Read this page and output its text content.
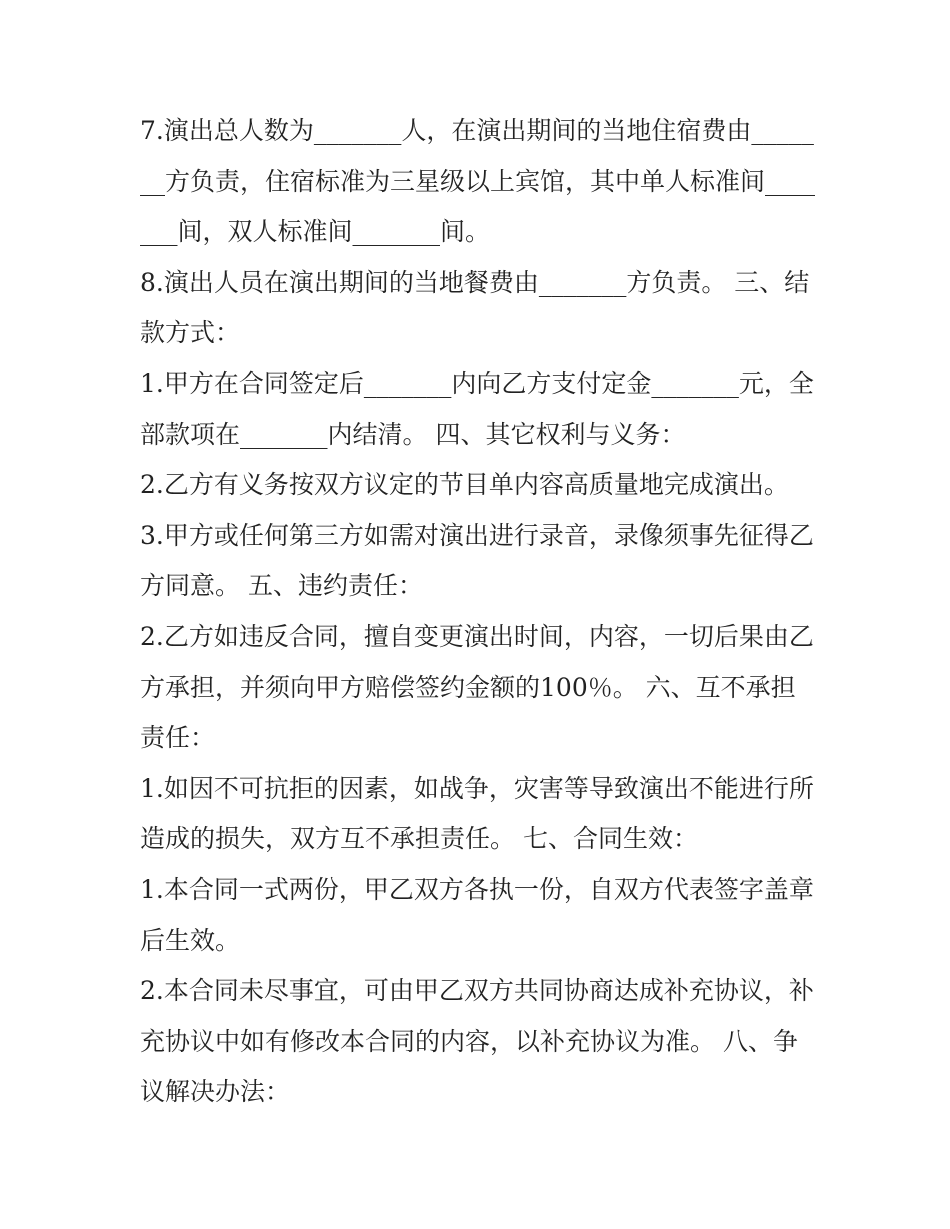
7.演出总人数为_______人，在演出期间的当地住宿费由_______方负责，住宿标准为三星级以上宾馆，其中单人标准间_______间，双人标准间_______间。

8.演出人员在演出期间的当地餐费由_______方负责。 三、结款方式：

1.甲方在合同签定后_______内向乙方支付定金_______元，全部款项在_______内结清。 四、其它权利与义务：

2.乙方有义务按双方议定的节目单内容高质量地完成演出。 3.甲方或任何第三方如需对演出进行录音，录像须事先征得乙方同意。 五、违约责任：

2.乙方如违反合同，擅自变更演出时间，内容，一切后果由乙方承担，并须向甲方赔偿签约金额的100％。 六、互不承担责任：

1.如因不可抗拒的因素，如战争，灾害等导致演出不能进行所造成的损失，双方互不承担责任。 七、合同生效：

1.本合同一式两份，甲乙双方各执一份，自双方代表签字盖章后生效。

2.本合同未尽事宜，可由甲乙双方共同协商达成补充协议，补充协议中如有修改本合同的内容，以补充协议为准。 八、争议解决办法：
